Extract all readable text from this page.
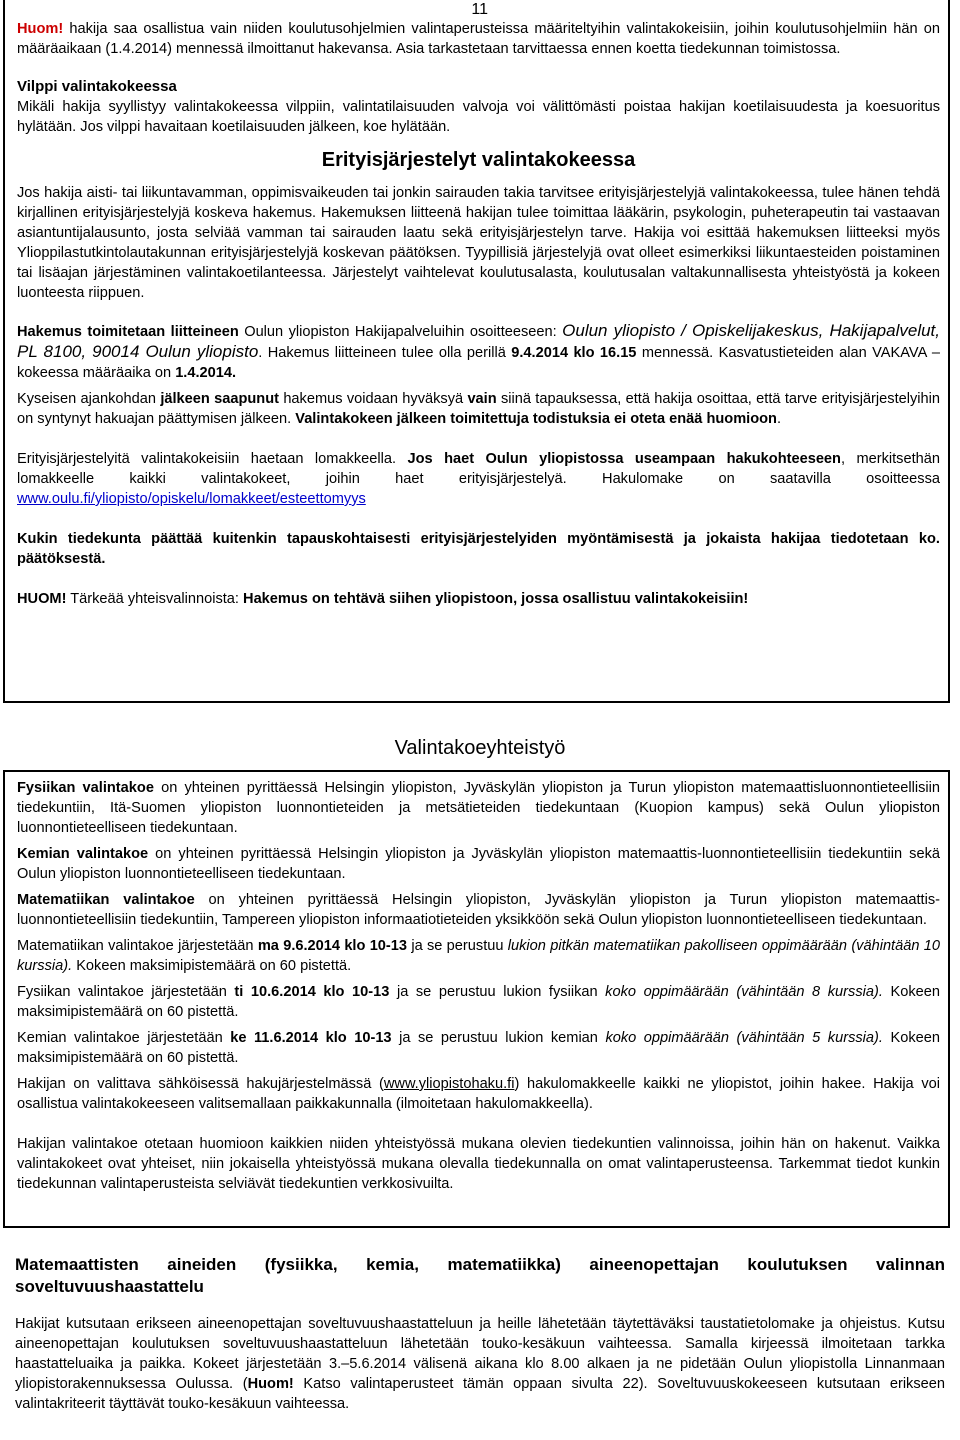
11

Huom! hakija saa osallistua vain niiden koulutusohjelmien valintaperusteissa määriteltyihin valintakokeisiin, joihin koulutusohjelmiin hän on määräaikaan (1.4.2014) mennessä ilmoittanut hakevansa. Asia tarkastetaan tarvittaessa ennen koetta tiedekunnan toimistossa.

Vilppi valintakokeessa

Mikäli hakija syyllistyy valintakokeessa vilppiin, valintatilaisuuden valvoja voi välittömästi poistaa hakijan koetilaisuudesta ja koesuoritus hylätään. Jos vilppi havaitaan koetilaisuuden jälkeen, koe hylätään.

Erityisjärjestelyt valintakokeessa

Jos hakija aisti- tai liikuntavamman, oppimisvaikeuden tai jonkin sairauden takia tarvitsee erityisjärjestelyjä valintakokeessa, tulee hänen tehdä kirjallinen erityisjärjestelyjä koskeva hakemus. Hakemuksen liitteenä hakijan tulee toimittaa lääkärin, psykologin, puheterapeutin tai vastaavan asiantuntijalausunto, josta selviää vamman tai sairauden laatu sekä erityisjärjestelyn tarve. Hakija voi esittää hakemuksen liitteeksi myös Ylioppilastutkintolautakunnan erityisjärjestelyjä koskevan päätöksen. Tyypillisiä järjestelyjä ovat olleet esimerkiksi liikuntaesteiden poistaminen tai lisäajan järjestäminen valintakoetilanteessa. Järjestelyt vaihtelevat koulutusalasta, koulutusalan valtakunnallisesta yhteistyöstä ja kokeen luonteesta riippuen.

Hakemus toimitetaan liitteineen Oulun yliopiston Hakijapalveluihin osoitteeseen: Oulun yliopisto / Opiskelijakeskus, Hakijapalvelut, PL 8100, 90014 Oulun yliopisto. Hakemus liitteineen tulee olla perillä 9.4.2014 klo 16.15 mennessä. Kasvatustieteiden alan VAKAVA –kokeessa määräaika on 1.4.2014.

Kyseisen ajankohdan jälkeen saapunut hakemus voidaan hyväksyä vain siinä tapauksessa, että hakija osoittaa, että tarve erityisjärjestelyihin on syntynyt hakuajan päättymisen jälkeen. Valintakokeen jälkeen toimitettuja todistuksia ei oteta enää huomioon.

Erityisjärjestelyitä valintakokeisiin haetaan lomakkeella. Jos haet Oulun yliopistossa useampaan hakukohteeseen, merkitsethän lomakkeelle kaikki valintakokeet, joihin haet erityisjärjestelyä. Hakulomake on saatavilla osoitteessa www.oulu.fi/yliopisto/opiskelu/lomakkeet/esteettomyys

Kukin tiedekunta päättää kuitenkin tapauskohtaisesti erityisjärjestelyiden myöntämisestä ja jokaista hakijaa tiedotetaan ko. päätöksestä.

HUOM! Tärkeää yhteisvalinnoista: Hakemus on tehtävä siihen yliopistoon, jossa osallistuu valintakokeisiin!

Valintakoeyhteistyö

Fysiikan valintakoe on yhteinen pyrittäessä Helsingin yliopiston, Jyväskylän yliopiston ja Turun yliopiston matemaattisluonnontieteellisiin tiedekuntiin, Itä-Suomen yliopiston luonnontieteiden ja metsätieteiden tiedekuntaan (Kuopion kampus) sekä Oulun yliopiston luonnontieteelliseen tiedekuntaan.

Kemian valintakoe on yhteinen pyrittäessä Helsingin yliopiston ja Jyväskylän yliopiston matemaattis-luonnontieteellisiin tiedekuntiin sekä Oulun yliopiston luonnontieteelliseen tiedekuntaan.

Matematiikan valintakoe on yhteinen pyrittäessä Helsingin yliopiston, Jyväskylän yliopiston ja Turun yliopiston matemaattis-luonnontieteellisiin tiedekuntiin, Tampereen yliopiston informaatiotieteiden yksikköön sekä Oulun yliopiston luonnontieteelliseen tiedekuntaan.

Matematiikan valintakoe järjestetään ma 9.6.2014 klo 10-13 ja se perustuu lukion pitkän matematiikan pakolliseen oppimäärään (vähintään 10 kurssia). Kokeen maksimipistemäärä on 60 pistettä.

Fysiikan valintakoe järjestetään ti 10.6.2014 klo 10-13 ja se perustuu lukion fysiikan koko oppimäärään (vähintään 8 kurssia). Kokeen maksimipistemäärä on 60 pistettä.

Kemian valintakoe järjestetään ke 11.6.2014 klo 10-13 ja se perustuu lukion kemian koko oppimäärään (vähintään 5 kurssia). Kokeen maksimipistemäärä on 60 pistettä.

Hakijan on valittava sähköisessä hakujärjestelmässä (www.yliopistohaku.fi) hakulomakkeelle kaikki ne yliopistot, joihin hakee. Hakija voi osallistua valintakokeeseen valitsemallaan paikkakunnalla (ilmoitetaan hakulomakkeella).

Hakijan valintakoe otetaan huomioon kaikkien niiden yhteistyössä mukana olevien tiedekuntien valinnoissa, joihin hän on hakenut. Vaikka valintakokeet ovat yhteiset, niin jokaisella yhteistyössä mukana olevalla tiedekunnalla on omat valintaperusteensa. Tarkemmat tiedot kunkin tiedekunnan valintaperusteista selviävät tiedekuntien verkkosivuilta.

Matemaattisten aineiden (fysiikka, kemia, matematiikka) aineenopettajan koulutuksen valinnan soveltuvuushaastattelu

Hakijat kutsutaan erikseen aineenopettajan soveltuvuushaastatteluun ja heille lähetetään täytettäväksi taustatietolomake ja ohjeistus. Kutsu aineenopettajan koulutuksen soveltuvuushaastatteluun lähetetään touko-kesäkuun vaihteessa. Samalla kirjeessä ilmoitetaan tarkka haastatteluaika ja paikka. Kokeet järjestetään 3.–5.6.2014 välisenä aikana klo 8.00 alkaen ja ne pidetään Oulun yliopistolla Linnanmaan yliopistorakennuksessa Oulussa. (Huom! Katso valintaperusteet tämän oppaan sivulta 22). Soveltuvuuskokeeseen kutsutaan erikseen valintakriteerit täyttävät touko-kesäkuun vaihteessa.
